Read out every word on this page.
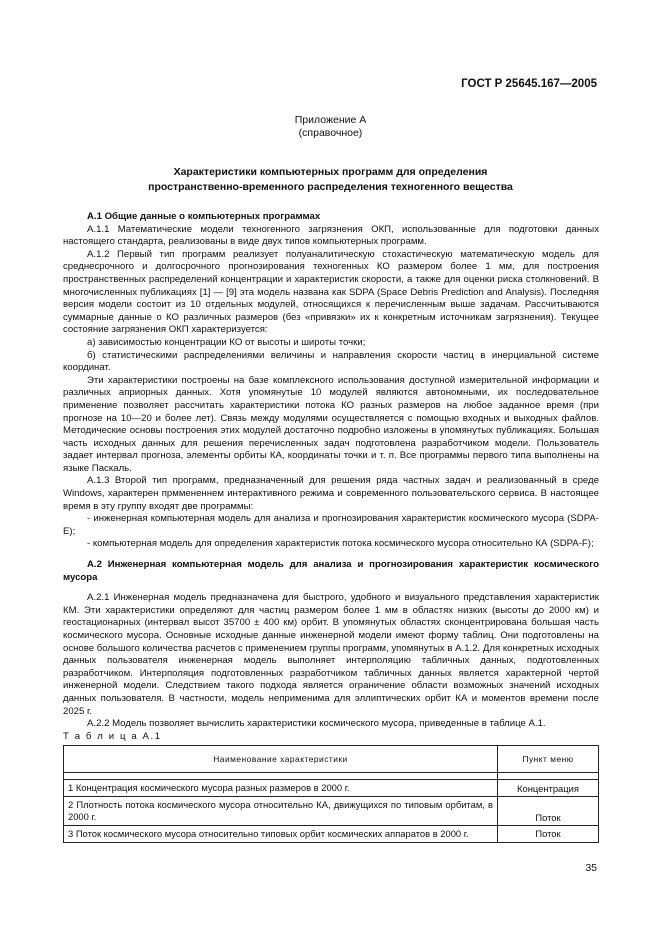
ГОСТ Р 25645.167—2005
Приложение А
(справочное)
Характеристики компьютерных программ для определения
пространственно-временного распределения техногенного вещества

А.1 Общие данные о компьютерных программах

А.1.1 Математические модели техногенного загрязнения ОКП, использованные для подготовки данных настоящего стандарта, реализованы в виде двух типов компьютерных программ.

А.1.2 Первый тип программ реализует полуаналитическую стохастическую математическую модель для среднесрочного и долгосрочного прогнозирования техногенных КО размером более 1 мм, для построения пространственных распределений концентрации и характеристик скорости, а также для оценки риска столкновений. В многочисленных публикациях [1] — [9] эта модель названа как SDPA (Space Debris Prediction and Analysis). Последняя версия модели состоит из 10 отдельных модулей, относящихся к перечисленным выше задачам. Рассчитываются суммарные данные о КО различных размеров (без «привязки» их к конкретным источникам загрязнения). Текущее состояние загрязнения ОКП характеризуется:

а) зависимостью концентрации КО от высоты и широты точки;

б) статистическими распределениями величины и направления скорости частиц в инерциальной системе координат.

Эти характеристики построены на базе комплексного использования доступной измерительной информации и различных априорных данных. Хотя упомянутые 10 модулей являются автономными, их последовательное применение позволяет рассчитать характеристики потока КО разных размеров на любое заданное время (при прогнозе на 10—20 и более лет). Связь между модулями осуществляется с помощью входных и выходных файлов. Методические основы построения этих модулей достаточно подробно изложены в упомянутых публикациях. Большая часть исходных данных для решения перечисленных задач подготовлена разработчиком модели. Пользователь задает интервал прогноза, элементы орбиты КА, координаты точки и т. п. Все программы первого типа выполнены на языке Паскаль.

А.1.3 Второй тип программ, предназначенный для решения ряда частных задач и реализованный в среде Windows, характерен прммененнем интерактивного режима и современного пользовательского сервиса. В настоящее время в эту группу входят две программы:

- инженерная компьютерная модель для анализа и прогнозирования характеристик космического мусора (SDPA-E);

- компьютерная модель для определения характеристик потока космического мусора относительно КА (SDPA-F);

А.2 Инженерная компьютерная модель для анализа и прогнозирования характеристик космического мусора

А.2.1 Инженерная модель предназначена для быстрого, удобного и визуального представления характеристик КМ. Эти характеристики определяют для частиц размером более 1 мм в областях низких (высоты до 2000 км) и геостационарных (интервал высот 35700 ± 400 км) орбит. В упомянутых областях сконцентрирована большая часть космического мусора. Основные исходные данные инженерной модели имеют форму таблиц. Они подготовлены на основе большого количества расчетов с применением группы программ, упомянутых в А.1.2. Для конкретных исходных данных пользователя инженерная модель выполняет интерполяцию табличных данных, подготовленных разработчиком. Интерполяция подготовленных разработчиком табличных данных является характерной чертой инженерной модели. Следствием такого подхода является ограничение области возможных значений исходных данных пользователя. В частности, модель неприменима для эллиптических орбит КА и моментов времени после 2025 г.

А.2.2 Модель позволяет вычислить характеристики космического мусора, приведенные в таблице А.1.

Т а б л и ц а А.1
Наименование характеристики	Пункт меню

1 Концентрация космического мусора разных размеров в 2000 г.	Концентрация
2 Плотность потока космического мусора относительно КА, движущихся по типовым орбитам, в 2000 г.	Поток
3 Поток космического мусора относительно типовых орбит космических аппаратов в 2000 г.	Поток
35
